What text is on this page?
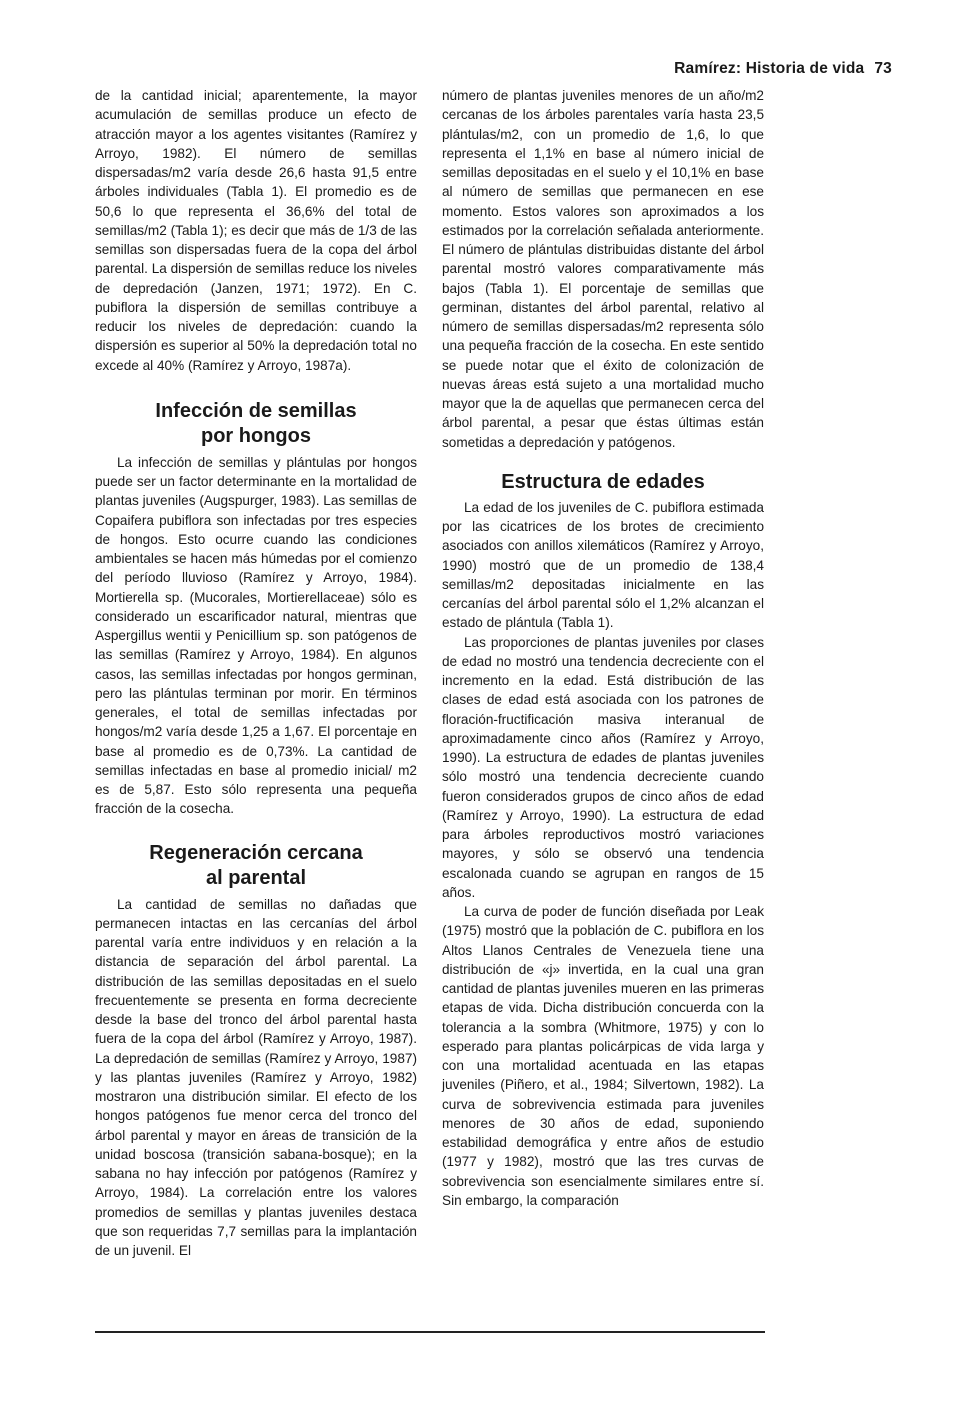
Ramírez: Historia de vida 73

de la cantidad inicial; aparentemente, la mayor acumulación de semillas produce un efecto de atracción mayor a los agentes visitantes (Ramírez y Arroyo, 1982). El número de semillas dispersadas/m2 varía desde 26,6 hasta 91,5 entre árboles individuales (Tabla 1). El promedio es de 50,6 lo que representa el 36,6% del total de semillas/m2 (Tabla 1); es decir que más de 1/3 de las semillas son dispersadas fuera de la copa del árbol parental. La dispersión de semillas reduce los niveles de depredación (Janzen, 1971; 1972). En C. pubiflora la dispersión de semillas contribuye a reducir los niveles de depredación: cuando la dispersión es superior al 50% la depredación total no excede al 40% (Ramírez y Arroyo, 1987a).

Infección de semillas
por hongos

La infección de semillas y plántulas por hongos puede ser un factor determinante en la mortalidad de plantas juveniles (Augspurger, 1983). Las semillas de Copaifera pubiflora son infectadas por tres especies de hongos. Esto ocurre cuando las condiciones ambientales se hacen más húmedas por el comienzo del período lluvioso (Ramírez y Arroyo, 1984). Mortierella sp. (Mucorales, Mortierellaceae) sólo es considerado un escarificador natural, mientras que Aspergillus wentii y Penicillium sp. son patógenos de las semillas (Ramírez y Arroyo, 1984). En algunos casos, las semillas infectadas por hongos germinan, pero las plántulas terminan por morir. En términos generales, el total de semillas infectadas por hongos/m2 varía desde 1,25 a 1,67. El porcentaje en base al promedio es de 0,73%. La cantidad de semillas infectadas en base al promedio inicial/ m2 es de 5,87. Esto sólo representa una pequeña fracción de la cosecha.

Regeneración cercana
al parental

La cantidad de semillas no dañadas que permanecen intactas en las cercanías del árbol parental varía entre individuos y en relación a la distancia de separación del árbol parental. La distribución de las semillas depositadas en el suelo frecuentemente se presenta en forma decreciente desde la base del tronco del árbol parental hasta fuera de la copa del árbol (Ramírez y Arroyo, 1987). La depredación de semillas (Ramírez y Arroyo, 1987) y las plantas juveniles (Ramírez y Arroyo, 1982) mostraron una distribución similar. El efecto de los hongos patógenos fue menor cerca del tronco del árbol parental y mayor en áreas de transición de la unidad boscosa (transición sabana-bosque); en la sabana no hay infección por patógenos (Ramírez y Arroyo, 1984). La correlación entre los valores promedios de semillas y plantas juveniles destaca que son requeridas 7,7 semillas para la implantación de un juvenil. El

número de plantas juveniles menores de un año/m2 cercanas de los árboles parentales varía hasta 23,5 plántulas/m2, con un promedio de 1,6, lo que representa el 1,1% en base al número inicial de semillas depositadas en el suelo y el 10,1% en base al número de semillas que permanecen en ese momento. Estos valores son aproximados a los estimados por la correlación señalada anteriormente. El número de plántulas distribuidas distante del árbol parental mostró valores comparativamente más bajos (Tabla 1). El porcentaje de semillas que germinan, distantes del árbol parental, relativo al número de semillas dispersadas/m2 representa sólo una pequeña fracción de la cosecha. En este sentido se puede notar que el éxito de colonización de nuevas áreas está sujeto a una mortalidad mucho mayor que la de aquellas que permanecen cerca del árbol parental, a pesar que éstas últimas están sometidas a depredación y patógenos.

Estructura de edades

La edad de los juveniles de C. pubiflora estimada por las cicatrices de los brotes de crecimiento asociados con anillos xilemáticos (Ramírez y Arroyo, 1990) mostró que de un promedio de 138,4 semillas/m2 depositadas inicialmente en las cercanías del árbol parental sólo el 1,2% alcanzan el estado de plántula (Tabla 1).

Las proporciones de plantas juveniles por clases de edad no mostró una tendencia decreciente con el incremento en la edad. Está distribución de las clases de edad está asociada con los patrones de floración-fructificación masiva interanual de aproximadamente cinco años (Ramírez y Arroyo, 1990). La estructura de edades de plantas juveniles sólo mostró una tendencia decreciente cuando fueron considerados grupos de cinco años de edad (Ramírez y Arroyo, 1990). La estructura de edad para árboles reproductivos mostró variaciones mayores, y sólo se observó una tendencia escalonada cuando se agrupan en rangos de 15 años.

La curva de poder de función diseñada por Leak (1975) mostró que la población de C. pubiflora en los Altos Llanos Centrales de Venezuela tiene una distribución de «j» invertida, en la cual una gran cantidad de plantas juveniles mueren en las primeras etapas de vida. Dicha distribución concuerda con la tolerancia a la sombra (Whitmore, 1975) y con lo esperado para plantas policárpicas de vida larga y con una mortalidad acentuada en las etapas juveniles (Piñero, et al., 1984; Silvertown, 1982). La curva de sobrevivencia estimada para juveniles menores de 30 años de edad, suponiendo estabilidad demográfica y entre años de estudio (1977 y 1982), mostró que las tres curvas de sobrevivencia son esencialmente similares entre sí. Sin embargo, la comparación
